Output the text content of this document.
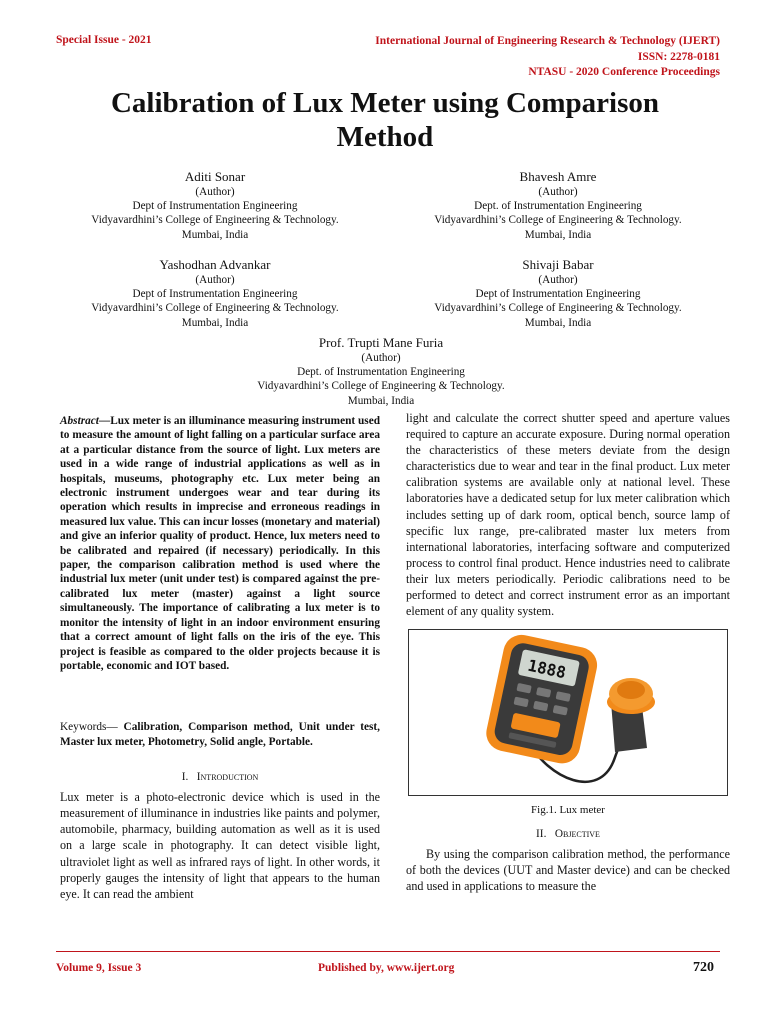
Special Issue - 2021	International Journal of Engineering Research & Technology (IJERT)
ISSN: 2278-0181
NTASU - 2020 Conference Proceedings
Calibration of Lux Meter using Comparison
Method
Aditi Sonar
(Author)
Dept of Instrumentation Engineering
Vidyavardhini’s College of Engineering & Technology.
Mumbai, India
Bhavesh Amre
(Author)
Dept. of Instrumentation Engineering
Vidyavardhini’s College of Engineering & Technology.
Mumbai, India
Yashodhan Advankar
(Author)
Dept of Instrumentation Engineering
Vidyavardhini’s College of Engineering & Technology.
Mumbai, India
Shivaji Babar
(Author)
Dept of Instrumentation Engineering
Vidyavardhini’s College of Engineering & Technology.
Mumbai, India
Prof. Trupti Mane Furia
(Author)
Dept. of Instrumentation Engineering
Vidyavardhini’s College of Engineering & Technology.
Mumbai, India

Abstract—Lux meter is an illuminance measuring instrument used to measure the amount of light falling on a particular surface area at a particular distance from the source of light. Lux meters are used in a wide range of industrial applications as well as in hospitals, museums, photography etc. Lux meter being an electronic instrument undergoes wear and tear during its operation which results in imprecise and erroneous readings in measured lux value. This can incur losses (monetary and material) and give an inferior quality of product. Hence, lux meters need to be calibrated and repaired (if necessary) periodically. In this paper, the comparison calibration method is used where the industrial lux meter (unit under test) is compared against the pre-calibrated lux meter (master) against a light source simultaneously. The importance of calibrating a lux meter is to monitor the intensity of light in an indoor environment ensuring that a correct amount of light falls on the iris of the eye. This project is feasible as compared to the older projects because it is portable, economic and IOT based.

Keywords— Calibration, Comparison method, Unit under test, Master lux meter, Photometry, Solid angle, Portable.

I. Introduction

Lux meter is a photo-electronic device which is used in the measurement of illuminance in industries like paints and polymer, automobile, pharmacy, building automation as well as it is used on a large scale in photography. It can detect visible light, ultraviolet light as well as infrared rays of light. In other words, it properly gauges the intensity of light that appears to the human eye. It can read the ambient

light and calculate the correct shutter speed and aperture values required to capture an accurate exposure. During normal operation the characteristics of these meters deviate from the design characteristics due to wear and tear in the final product. Lux meter calibration systems are available only at national level. These laboratories have a dedicated setup for lux meter calibration which includes setting up of dark room, optical bench, source lamp of specific lux range, pre-calibrated master lux meters from international laboratories, interfacing software and computerized process to control final product. Hence industries need to calibrate their lux meters periodically. Periodic calibrations need to be performed to detect and correct instrument error as an important element of any quality system.

1888
Fig.1. Lux meter
II. Objective

By using the comparison calibration method, the performance of both the devices (UUT and Master device) and can be checked and used in applications to measure the

Volume 9, Issue 3	Published by, www.ijert.org	720
